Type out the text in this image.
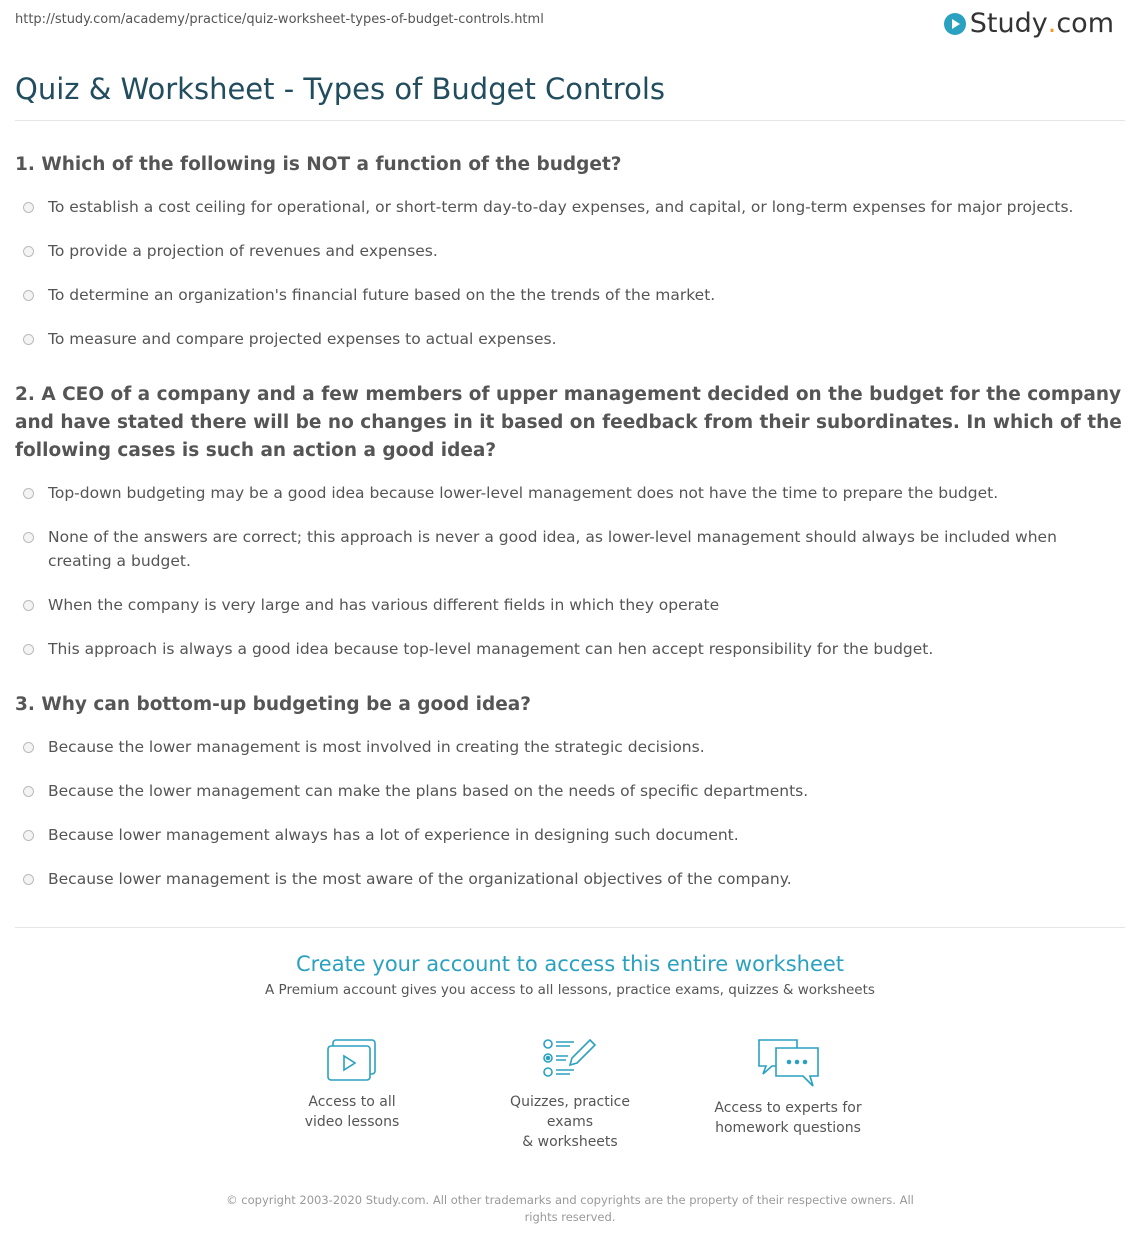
http://study.com/academy/practice/quiz-worksheet-types-of-budget-controls.html	Study . com
Quiz & Worksheet - Types of Budget Controls
1. Which of the following is NOT a function of the budget?
To establish a cost ceiling for operational, or short-term day-to-day expenses, and capital, or long-term expenses for major projects.
To provide a projection of revenues and expenses.
To determine an organization's financial future based on the the trends of the market.
To measure and compare projected expenses to actual expenses.
2. A CEO of a company and a few members of upper management decided on the budget for the company and have stated there will be no changes in it based on feedback from their subordinates. In which of the following cases is such an action a good idea?
Top-down budgeting may be a good idea because lower-level management does not have the time to prepare the budget.
None of the answers are correct; this approach is never a good idea, as lower-level management should always be included when creating a budget.
When the company is very large and has various different fields in which they operate
This approach is always a good idea because top-level management can hen accept responsibility for the budget.
3. Why can bottom-up budgeting be a good idea?
Because the lower management is most involved in creating the strategic decisions.
Because the lower management can make the plans based on the needs of specific departments.
Because lower management always has a lot of experience in designing such document.
Because lower management is the most aware of the organizational objectives of the company.
Create your account to access this entire worksheet
A Premium account gives you access to all lessons, practice exams, quizzes & worksheets
Access to all
video lessons
Quizzes, practice exams
& worksheets
Access to experts for
homework questions
© copyright 2003-2020 Study.com. All other trademarks and copyrights are the property of their respective owners. All rights reserved.
